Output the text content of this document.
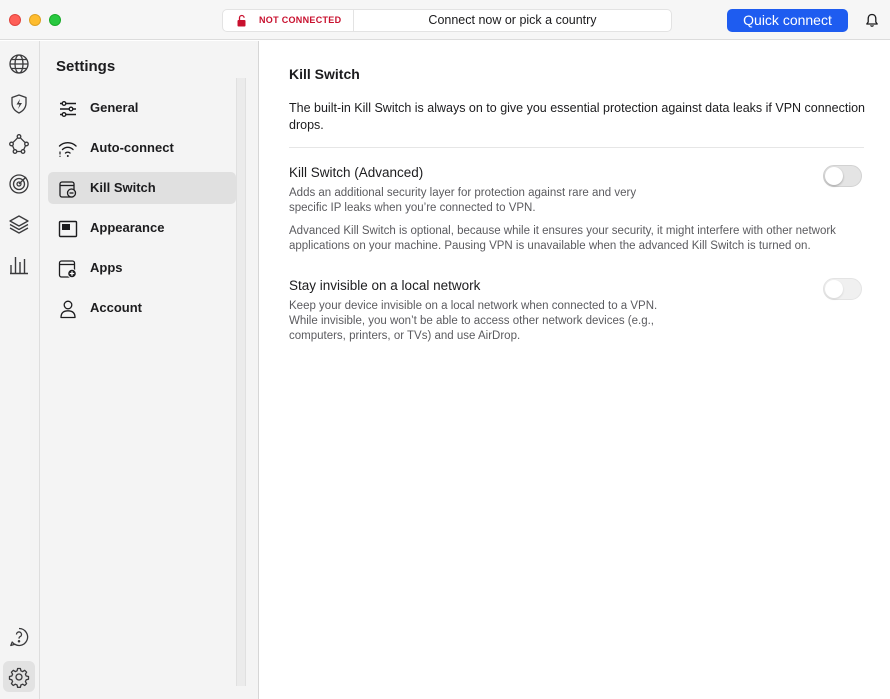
NOT CONNECTED	Connect now or pick a country	Quick connect
Settings
General
Auto-connect
Kill Switch
Appearance
Apps
Account
Kill Switch
The built-in Kill Switch is always on to give you essential protection against data leaks if VPN connection drops.
Kill Switch (Advanced)
Adds an additional security layer for protection against rare and very specific IP leaks when you’re connected to VPN.
Advanced Kill Switch is optional, because while it ensures your security, it might interfere with other network applications on your machine. Pausing VPN is unavailable when the advanced Kill Switch is turned on.
Stay invisible on a local network
Keep your device invisible on a local network when connected to a VPN. While invisible, you won’t be able to access other network devices (e.g., computers, printers, or TVs) and use AirDrop.
